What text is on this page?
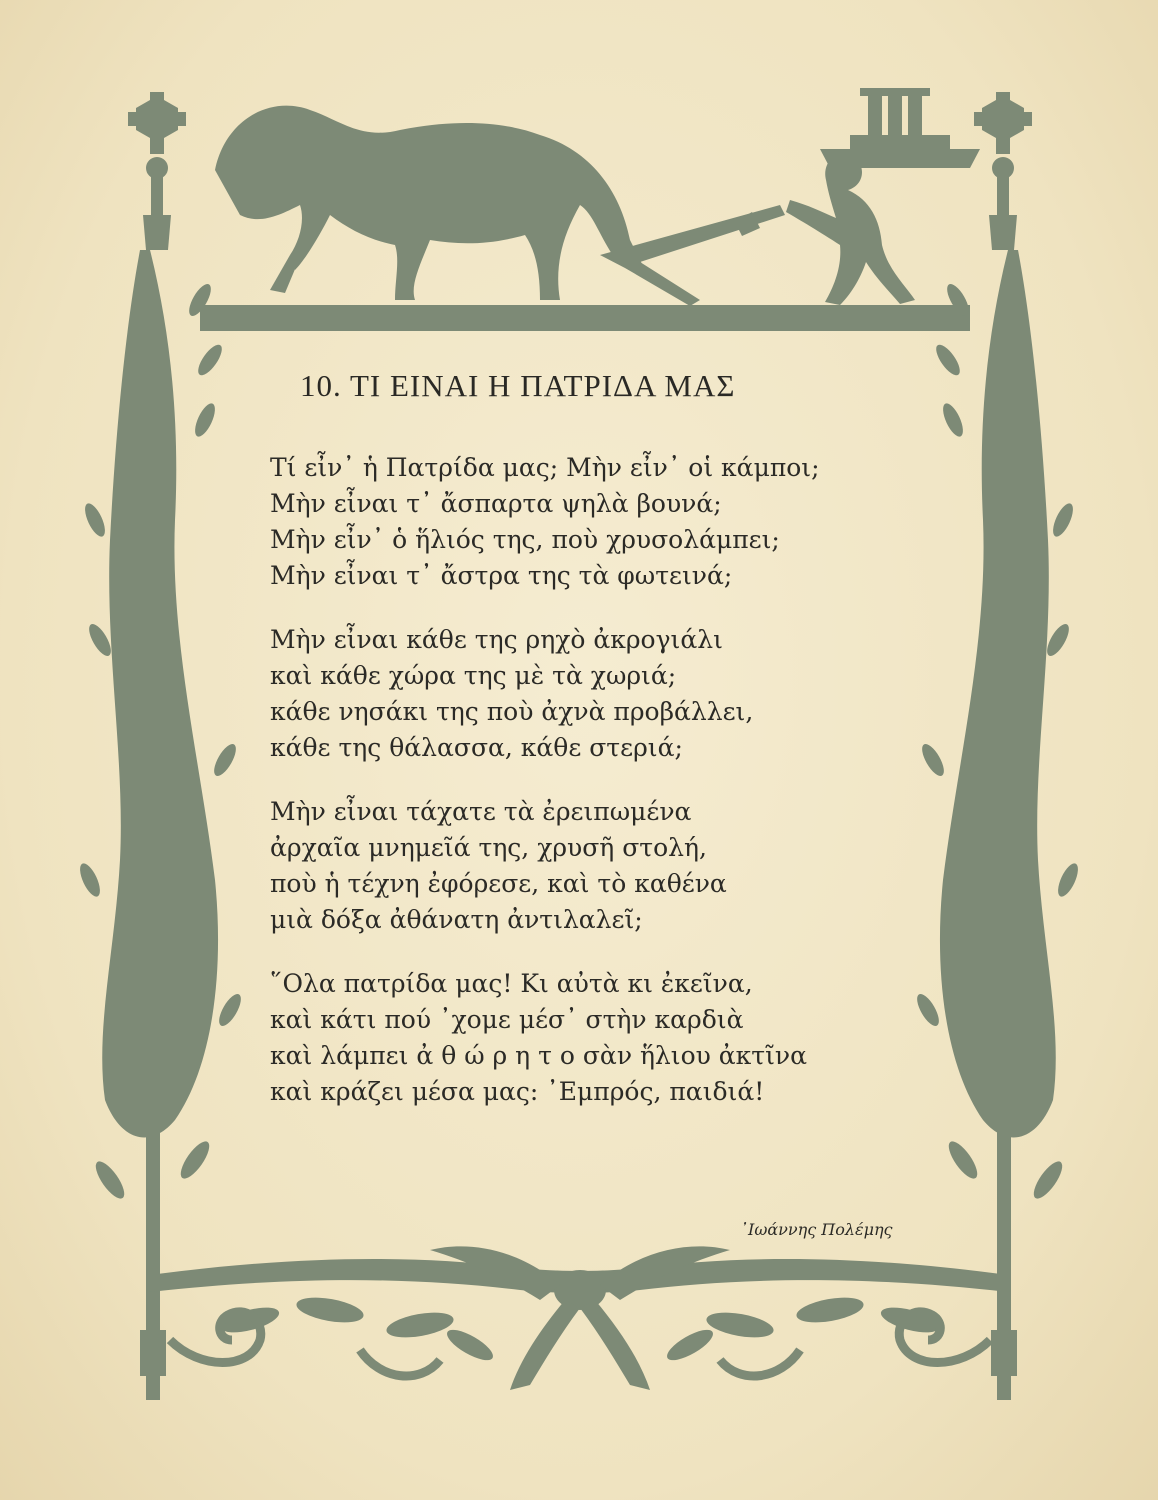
10. ΤΙ ΕΙΝΑΙ Η ΠΑΤΡΙΔΑ ΜΑΣ
Τί εἶν᾿ ἡ Πατρίδα μας; Μὴν εἶν᾿ οἱ κάμποι;
Μὴν εἶναι τ᾿ ἄσπαρτα ψηλὰ βουνά;
Μὴν εἶν᾿ ὁ ἥλιός της, ποὺ χρυσολάμπει;
Μὴν εἶναι τ᾿ ἄστρα της τὰ φωτεινά;
Μὴν εἶναι κάθε της ρηχὸ ἀκρογιάλι
καὶ κάθε χώρα της μὲ τὰ χωριά;
κάθε νησάκι της ποὺ ἀχνὰ προβάλλει,
κάθε της θάλασσα, κάθε στεριά;
Μὴν εἶναι τάχατε τὰ ἐρειπωμένα
ἀρχαῖα μνημεῖά της, χρυσῆ στολή,
ποὺ ἡ τέχνη ἐφόρεσε, καὶ τὸ καθένα
μιὰ δόξα ἀθάνατη ἀντιλαλεῖ;
῞Ολα πατρίδα μας! Κι αὐτὰ κι ἐκεῖνα,
καὶ κάτι πού ᾿χομε μέσ᾿ στὴν καρδιὰ
καὶ λάμπει ἀ θ ώ ρ η τ ο σὰν ἥλιου ἀκτῖνα
καὶ κράζει μέσα μας: ᾿Εμπρός, παιδιά!
᾿Ιωάννης Πολέμης
